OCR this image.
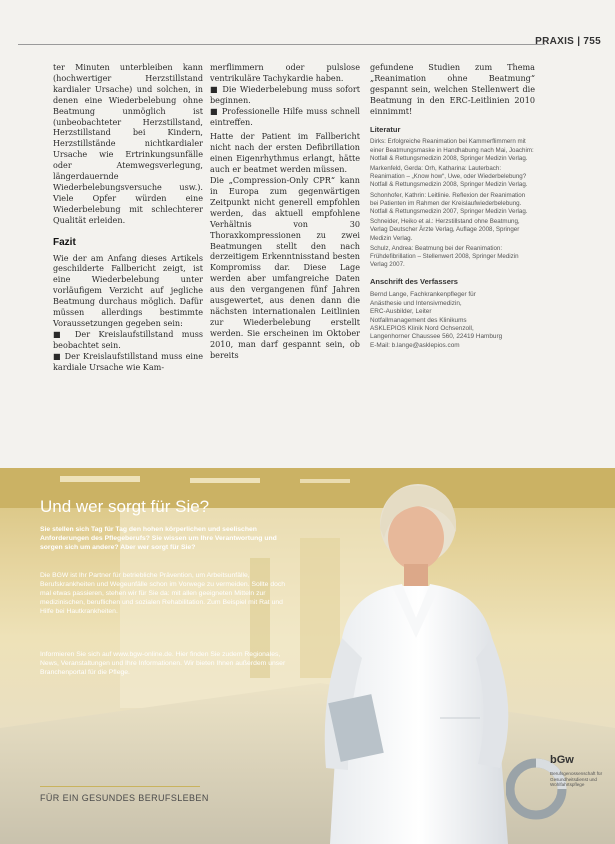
PRAXIS | 755

ter Minuten unterbleiben kann (hochwertiger Herzstillstand kardialer Ursache) und solchen, in denen eine Wiederbelebung ohne Beatmung unmöglich ist (unbeobachteter Herzstillstand, Herzstillstand bei Kindern, Herzstillstände nichtkardialer Ursache wie Ertrinkungsunfälle oder Atemwegsverlegung, längerdauernde Wiederbelebungsversuche usw.). Viele Opfer würden eine Wiederbelebung mit schlechterer Qualität erleiden.

Fazit

Wie der am Anfang dieses Artikels geschilderte Fallbericht zeigt, ist eine Wiederbelebung unter vorläufigem Verzicht auf jegliche Beatmung durchaus möglich. Dafür müssen allerdings bestimmte Voraussetzungen gegeben sein:

■ Der Kreislaufstillstand muss beobachtet sein.

■ Der Kreislaufstillstand muss eine kardiale Ursache wie Kam-

merflimmern oder pulslose ventrikuläre Tachykardie haben.

■ Die Wiederbelebung muss sofort beginnen.

■ Professionelle Hilfe muss schnell eintreffen.

Hatte der Patient im Fallbericht nicht nach der ersten Defibrillation einen Eigenrhythmus erlangt, hätte auch er beatmet werden müssen.

Die „Compression-Only CPR“ kann in Europa zum gegenwärtigen Zeitpunkt nicht generell empfohlen werden, das aktuell empfohlene Verhältnis von 30 Thoraxkompressionen zu zwei Beatmungen stellt den nach derzeitigem Erkenntnisstand besten Kompromiss dar. Diese Lage werden aber umfangreiche Daten aus den vergangenen fünf Jahren ausgewertet, aus denen dann die nächsten internationalen Leitlinien zur Wiederbelebung erstellt werden. Sie erscheinen im Oktober 2010, man darf gespannt sein, ob bereits

gefundene Studien zum Thema „Reanimation ohne Beatmung“ gespannt sein, welchen Stellenwert die Beatmung in den ERC-Leitlinien 2010 einnimmt!

Literatur

Dirks: Erfolgreiche Reanimation bei Kammerflimmern mit einer Beatmungsmaske in Handhabung nach Mai, Joachim: Notfall & Rettungsmedizin 2008, Springer Medizin Verlag.

Markenfeld, Gerda: Orh, Katharina: Lauterbach: Reanimation – „Know how“, Uwe, oder Wiederbelebung? Notfall & Rettungsmedizin 2008, Springer Medizin Verlag.

Schonhofer, Kathrin: Leitlinie. Reflexion der Reanimation bei Patienten im Rahmen der Kreislaufwiederbelebung. Notfall & Rettungsmedizin 2007, Springer Medizin Verlag.

Schneider, Heiko et al.: Herzstillstand ohne Beatmung, Verlag Deutscher Ärzte Verlag, Auflage 2008, Springer Medizin Verlag.

Schulz, Andrea: Beatmung bei der Reanimation: Frühdefibrillation – Stellenwert 2008, Springer Medizin Verlag 2007.

Anschrift des Verfassers
Bernd Lange, Fachkrankenpfleger für
Anästhesie und Intensivmedizin,
ERC-Ausbilder, Leiter
Notfallmanagement des Klinikums
ASKLEPIOS Klinik Nord Ochsenzoll,
Langenhorner Chaussee 560, 22419 Hamburg
E-Mail: b.lange@asklepios.com
Und wer sorgt für Sie?
Sie stellen sich Tag für Tag den hohen körperlichen und seelischen Anforderungen des Pflegeberufs? Sie wissen um Ihre Verantwortung und sorgen sich um andere? Aber wer sorgt für Sie?
Die BGW ist Ihr Partner für betriebliche Prävention, um Arbeitsunfälle, Berufskrankheiten und Wegeunfälle schon im Vorwege zu vermeiden. Sollte doch mal etwas passieren, stehen wir für Sie da: mit allen geeigneten Mitteln zur medizinischen, beruflichen und sozialen Rehabilitation. Zum Beispiel mit Rat und Hilfe bei Hautkrankheiten.
Informieren Sie sich auf www.bgw-online.de. Hier finden Sie zudem Regionales, News, Veranstaltungen und Ihre Informationen. Wir bieten Ihnen außerdem unser Branchenportal für die Pflege.
FÜR EIN GESUNDES BERUFSLEBEN
bGw
Berufsgenossenschaft für Gesundheitsdienst und Wohlfahrtspflege
